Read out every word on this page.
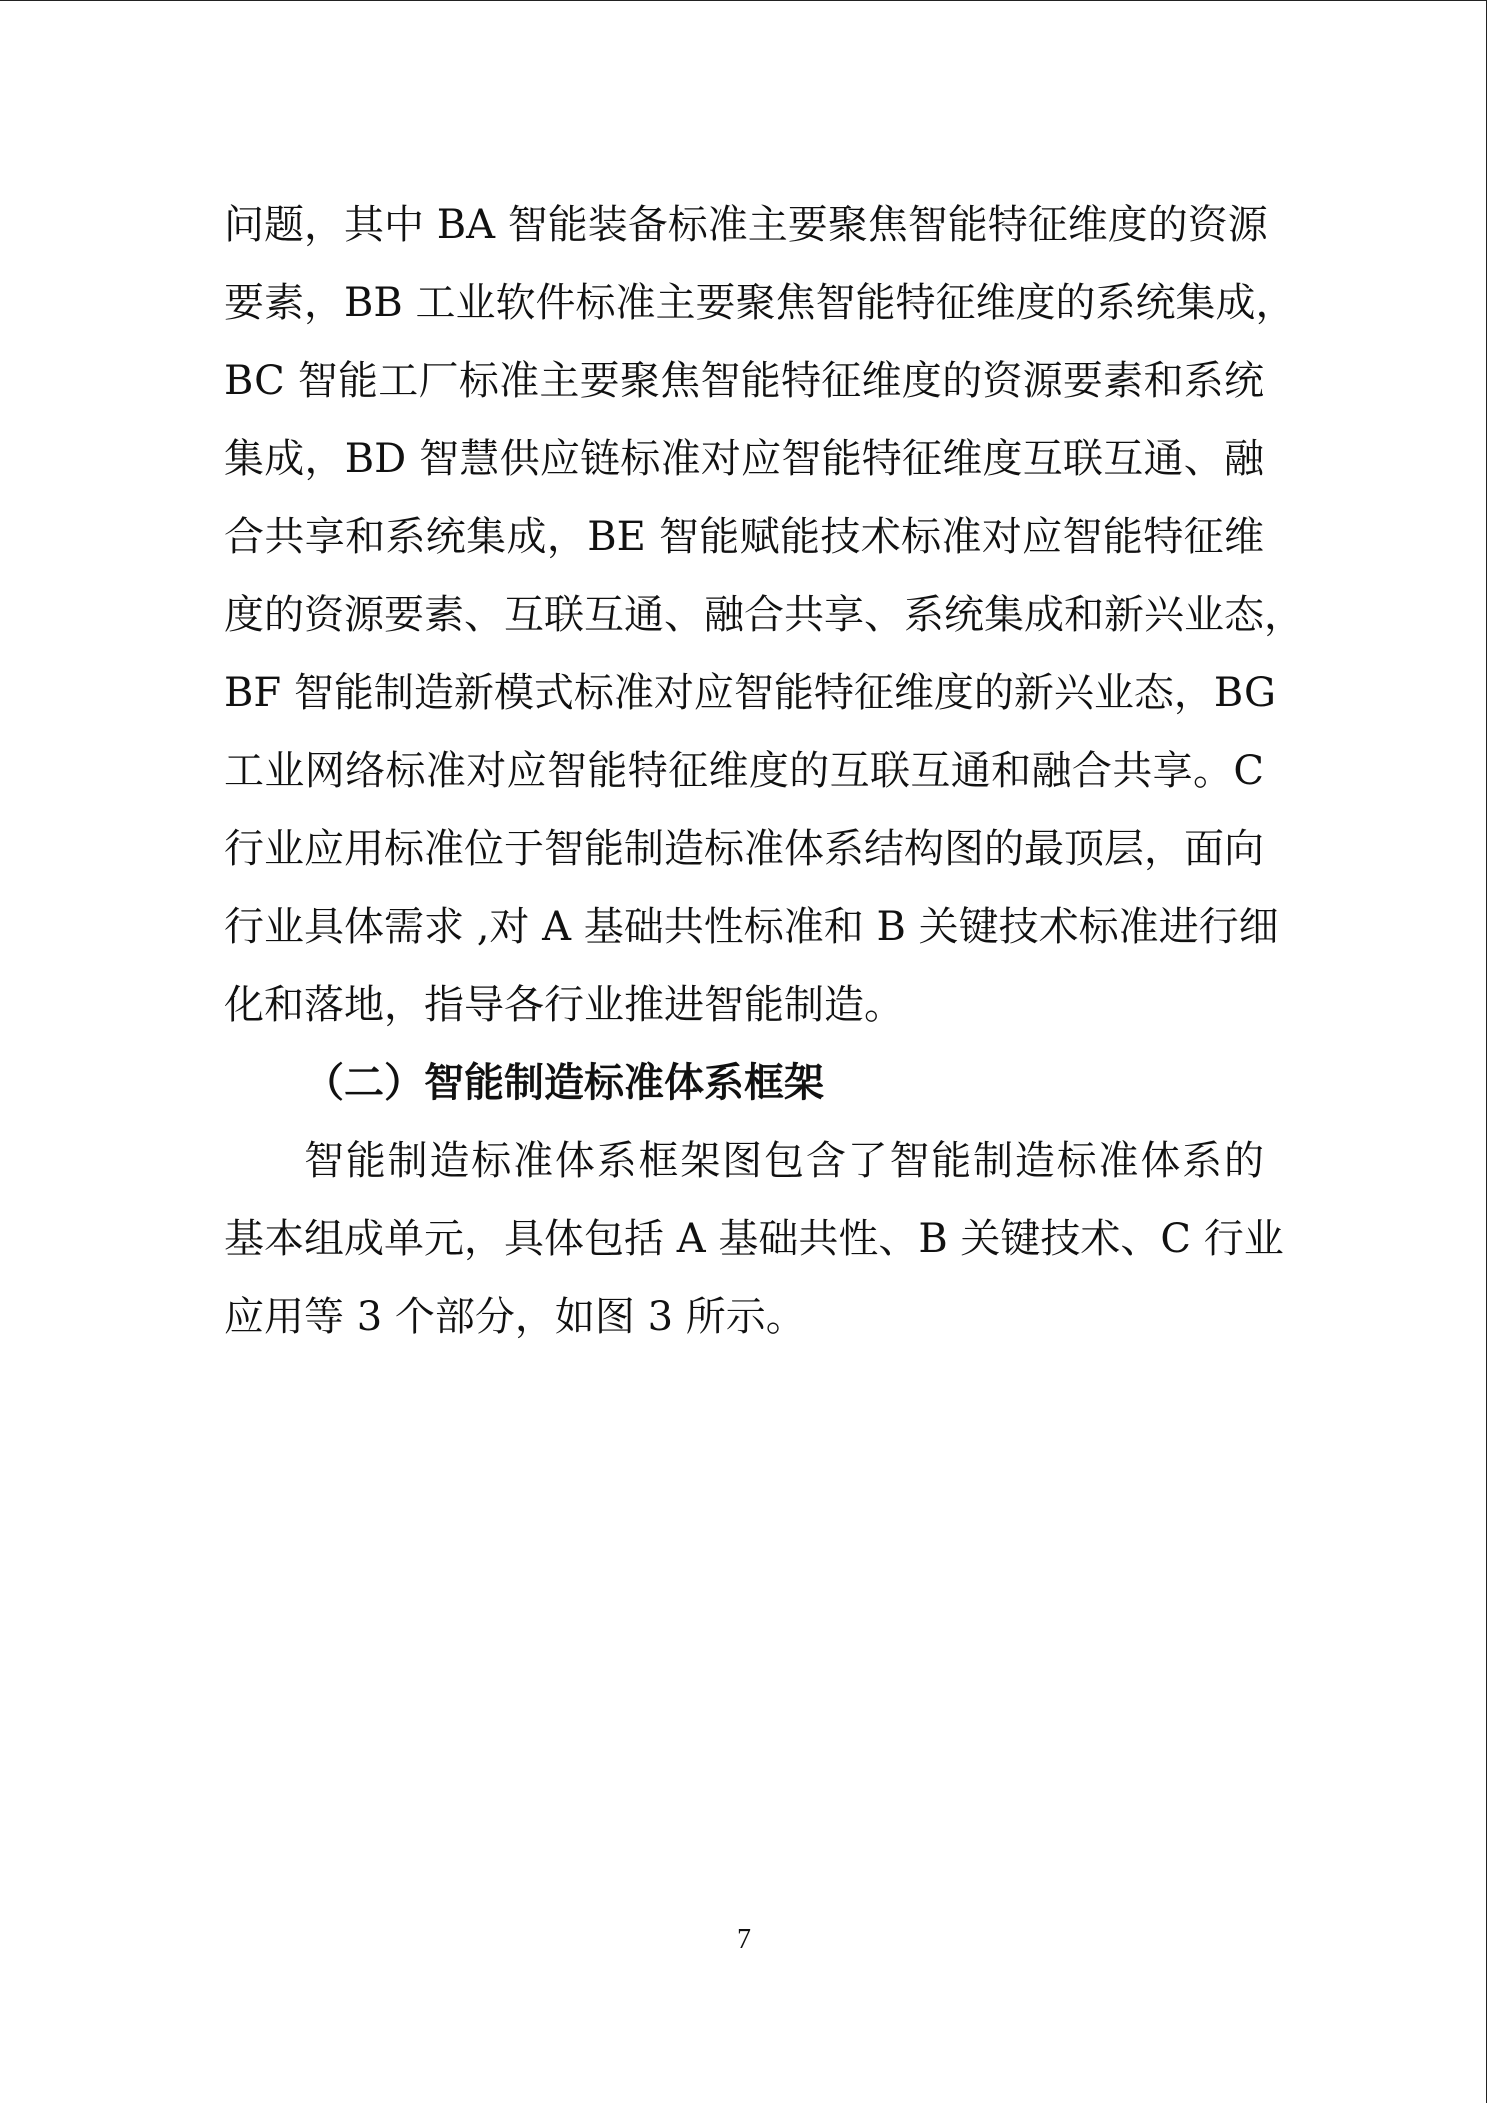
问题，其中 BA 智能装备标准主要聚焦智能特征维度的资源
要素，BB 工业软件标准主要聚焦智能特征维度的系统集成，
BC 智能工厂标准主要聚焦智能特征维度的资源要素和系统
集成，BD 智慧供应链标准对应智能特征维度互联互通、融
合共享和系统集成，BE 智能赋能技术标准对应智能特征维
度的资源要素、互联互通、融合共享、系统集成和新兴业态，
BF 智能制造新模式标准对应智能特征维度的新兴业态，BG
工业网络标准对应智能特征维度的互联互通和融合共享。C
行业应用标准位于智能制造标准体系结构图的最顶层，面向
行业具体需求 ,对 A 基础共性标准和 B 关键技术标准进行细
化和落地，指导各行业推进智能制造。
（二）智能制造标准体系框架
智能制造标准体系框架图包含了智能制造标准体系的
基本组成单元，具体包括 A 基础共性、B 关键技术、C 行业
应用等 3 个部分，如图 3 所示。
7
